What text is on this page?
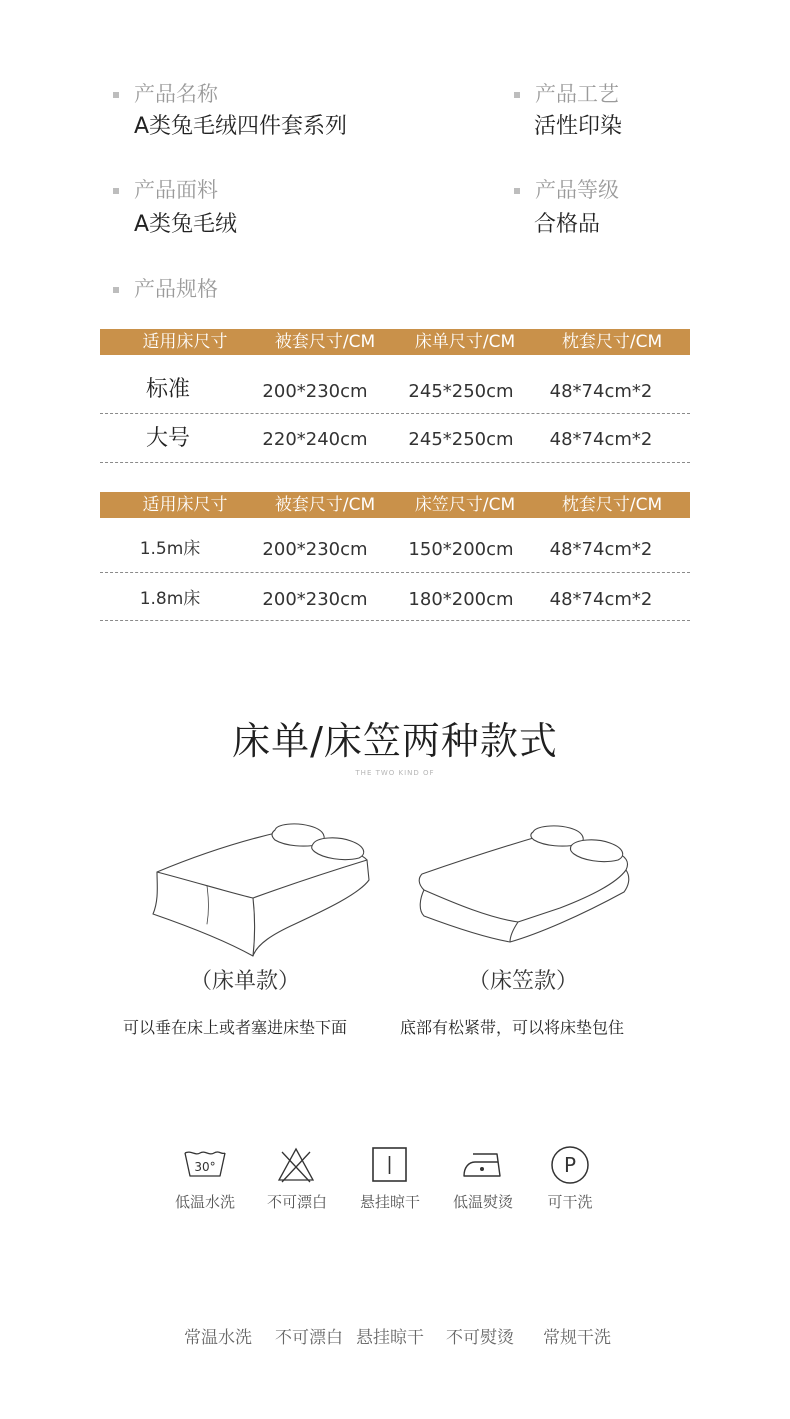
产品名称
A类兔毛绒四件套系列
产品工艺
活性印染
产品面料
A类兔毛绒
产品等级
合格品
产品规格
适用床尺寸	被套尺寸/CM	床单尺寸/CM	枕套尺寸/CM
标准	200*230cm	245*250cm	48*74cm*2
大号	220*240cm	245*250cm	48*74cm*2
适用床尺寸	被套尺寸/CM	床笠尺寸/CM	枕套尺寸/CM
1.5m床	200*230cm	150*200cm	48*74cm*2
1.8m床	200*230cm	180*200cm	48*74cm*2
床单/床笠两种款式
THE TWO KIND OF
（床单款）	（床笠款）
可以垂在床上或者塞进床垫下面	底部有松紧带，可以将床垫包住
30°	P
低温水洗	不可漂白	悬挂晾干	低温熨烫	可干洗
常温水洗 不可漂白 悬挂晾干 不可熨烫 常规干洗
